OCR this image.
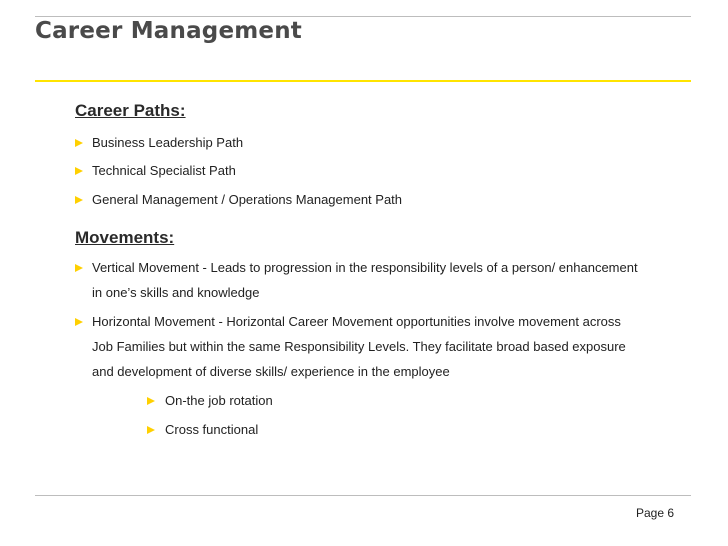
Career Management
Career Paths:
Business Leadership Path
Technical Specialist Path
General Management / Operations Management Path
Movements:
Vertical Movement - Leads to progression in the responsibility levels of a person/ enhancement
in one’s skills and knowledge
Horizontal Movement - Horizontal Career Movement opportunities involve movement across
Job Families but within the same Responsibility Levels. They facilitate broad based exposure
and development of diverse skills/ experience in the employee
On-the job rotation
Cross functional
Page 6
